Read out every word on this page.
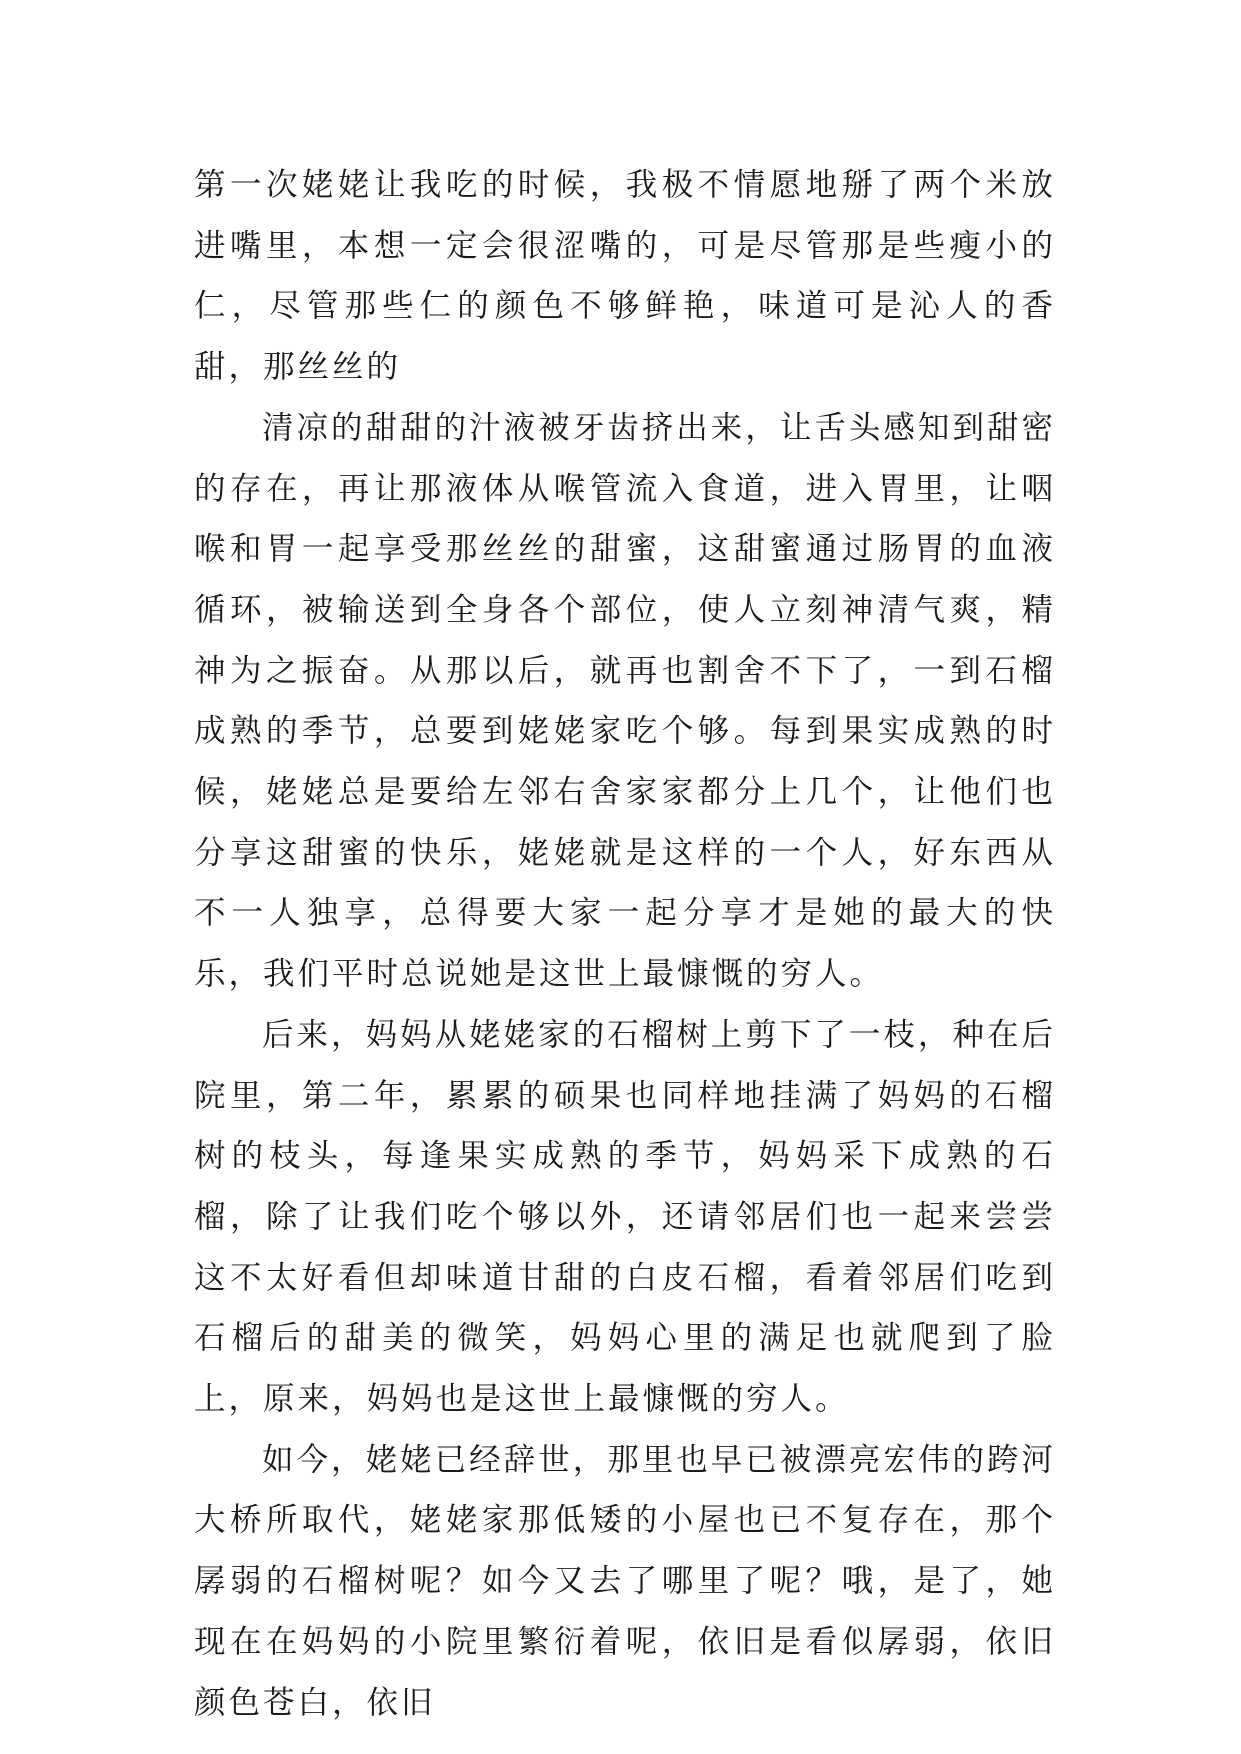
第一次姥姥让我吃的时候，我极不情愿地掰了两个米放进嘴里，本想一定会很涩嘴的，可是尽管那是些瘦小的仁，尽管那些仁的颜色不够鲜艳，味道可是沁人的香甜，那丝丝的

清凉的甜甜的汁液被牙齿挤出来，让舌头感知到甜密的存在，再让那液体从喉管流入食道，进入胃里，让咽喉和胃一起享受那丝丝的甜蜜，这甜蜜通过肠胃的血液循环，被输送到全身各个部位，使人立刻神清气爽，精神为之振奋。从那以后，就再也割舍不下了，一到石榴成熟的季节，总要到姥姥家吃个够。每到果实成熟的时候，姥姥总是要给左邻右舍家家都分上几个，让他们也分享这甜蜜的快乐，姥姥就是这样的一个人，好东西从不一人独享，总得要大家一起分享才是她的最大的快乐，我们平时总说她是这世上最慷慨的穷人。

后来，妈妈从姥姥家的石榴树上剪下了一枝，种在后院里，第二年，累累的硕果也同样地挂满了妈妈的石榴树的枝头，每逢果实成熟的季节，妈妈采下成熟的石榴，除了让我们吃个够以外，还请邻居们也一起来尝尝这不太好看但却味道甘甜的白皮石榴，看着邻居们吃到石榴后的甜美的微笑，妈妈心里的满足也就爬到了脸上，原来，妈妈也是这世上最慷慨的穷人。

如今，姥姥已经辞世，那里也早已被漂亮宏伟的跨河大桥所取代，姥姥家那低矮的小屋也已不复存在，那个孱弱的石榴树呢？如今又去了哪里了呢？哦，是了，她现在在妈妈的小院里繁衍着呢，依旧是看似孱弱，依旧颜色苍白，依旧
